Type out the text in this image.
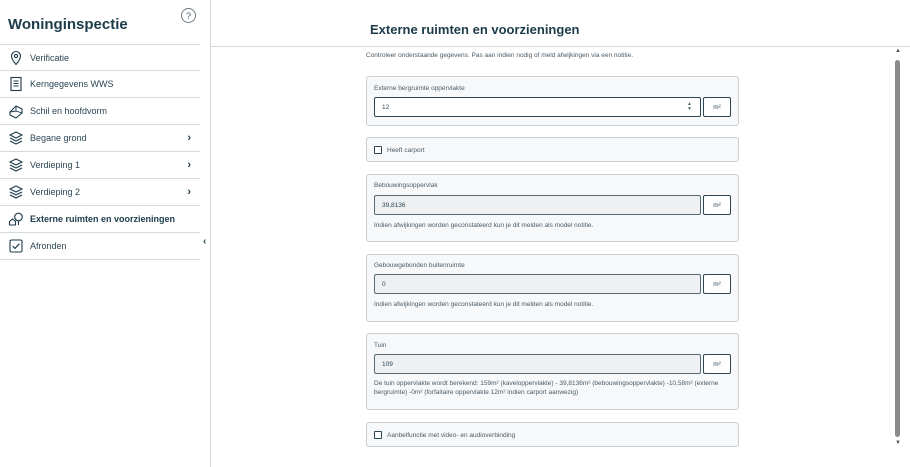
Woninginspectie
?
Verificatie
Kerngegevens WWS
Schil en hoofdvorm
Begane grond	›
Verdieping 1	›
Verdieping 2	›
Externe ruimten en voorzieningen
Afronden	‹
Externe ruimten en voorzieningen
Controleer onderstaande gegevens. Pas aan indien nodig of meld afwijkingen via een notitie.
Externe bergruimte oppervlakte
12	▲
▼	m²
Heeft carport
Bebouwingsoppervlak
39,8136	m²
Indien afwijkingen worden geconstateerd kun je dit melden als model notitie.
Gebouwgebonden buitenruimte
0	m²
Indien afwijkingen worden geconstateerd kun je dit melden als model notitie.
Tuin
109	m²
De tuin oppervlakte wordt berekend: 159m² (kaveloppervlakte) - 39,8136m² (bebouwingsoppervlakte) -10,58m² (externe bergruimte) -0m² (forfaitaire oppervlakte 12m² indien carport aanwezig)
Aanbelfunctie met video- en audioverbinding
▲
▼
